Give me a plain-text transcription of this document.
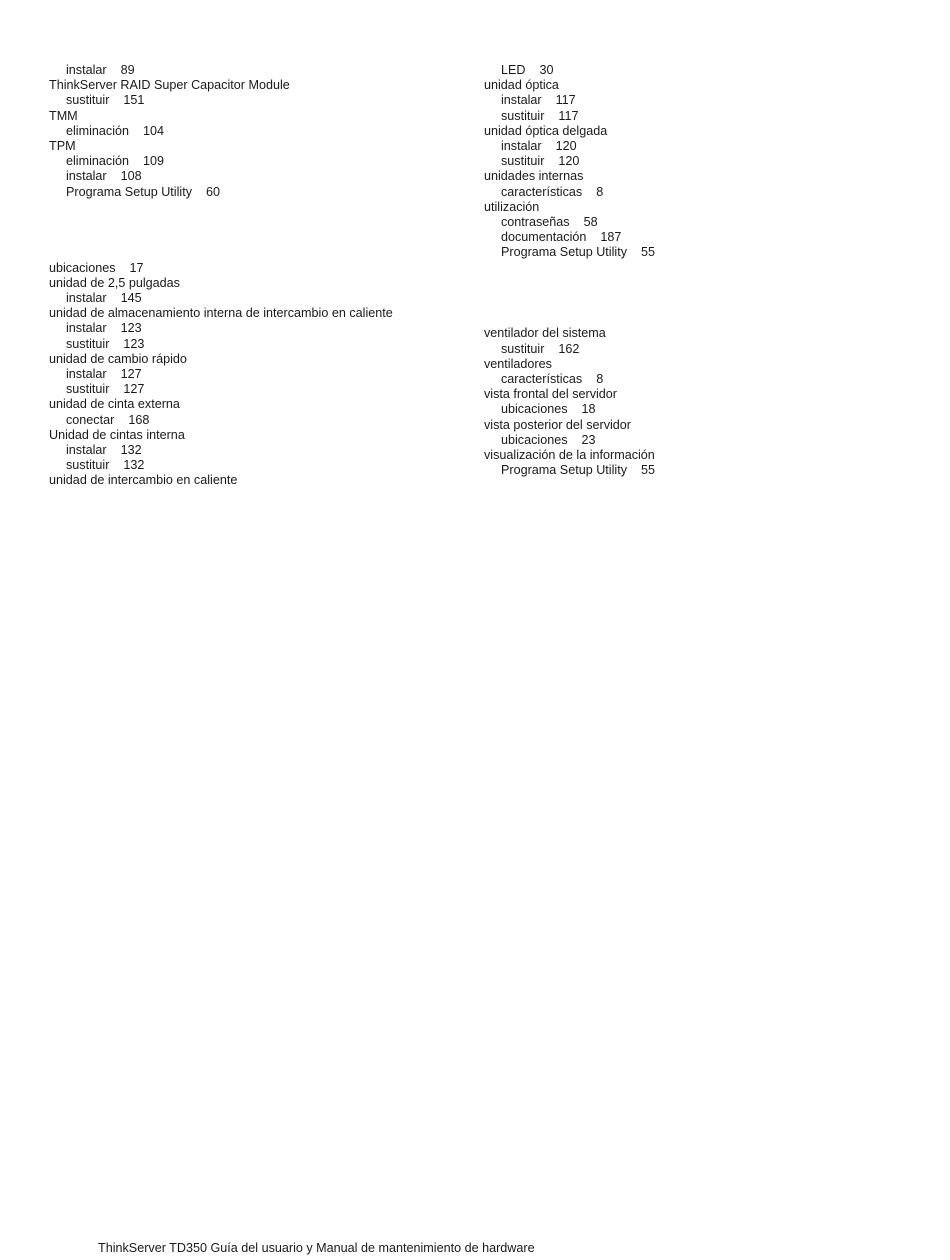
instalar 89
ThinkServer RAID Super Capacitor Module
sustituir 151
TMM
eliminación 104
TPM
eliminación 109
instalar 108
Programa Setup Utility 60
ubicaciones 17
unidad de 2,5 pulgadas
instalar 145
unidad de almacenamiento interna de intercambio en caliente
instalar 123
sustituir 123
unidad de cambio rápido
instalar 127
sustituir 127
unidad de cinta externa
conectar 168
Unidad de cintas interna
instalar 132
sustituir 132
unidad de intercambio en caliente
LED 30
unidad óptica
instalar 117
sustituir 117
unidad óptica delgada
instalar 120
sustituir 120
unidades internas
características 8
utilización
contraseñas 58
documentación 187
Programa Setup Utility 55
ventilador del sistema
sustituir 162
ventiladores
características 8
vista frontal del servidor
ubicaciones 18
vista posterior del servidor
ubicaciones 23
visualización de la información
Programa Setup Utility 55
ThinkServer TD350 Guía del usuario y Manual de mantenimiento de hardware
